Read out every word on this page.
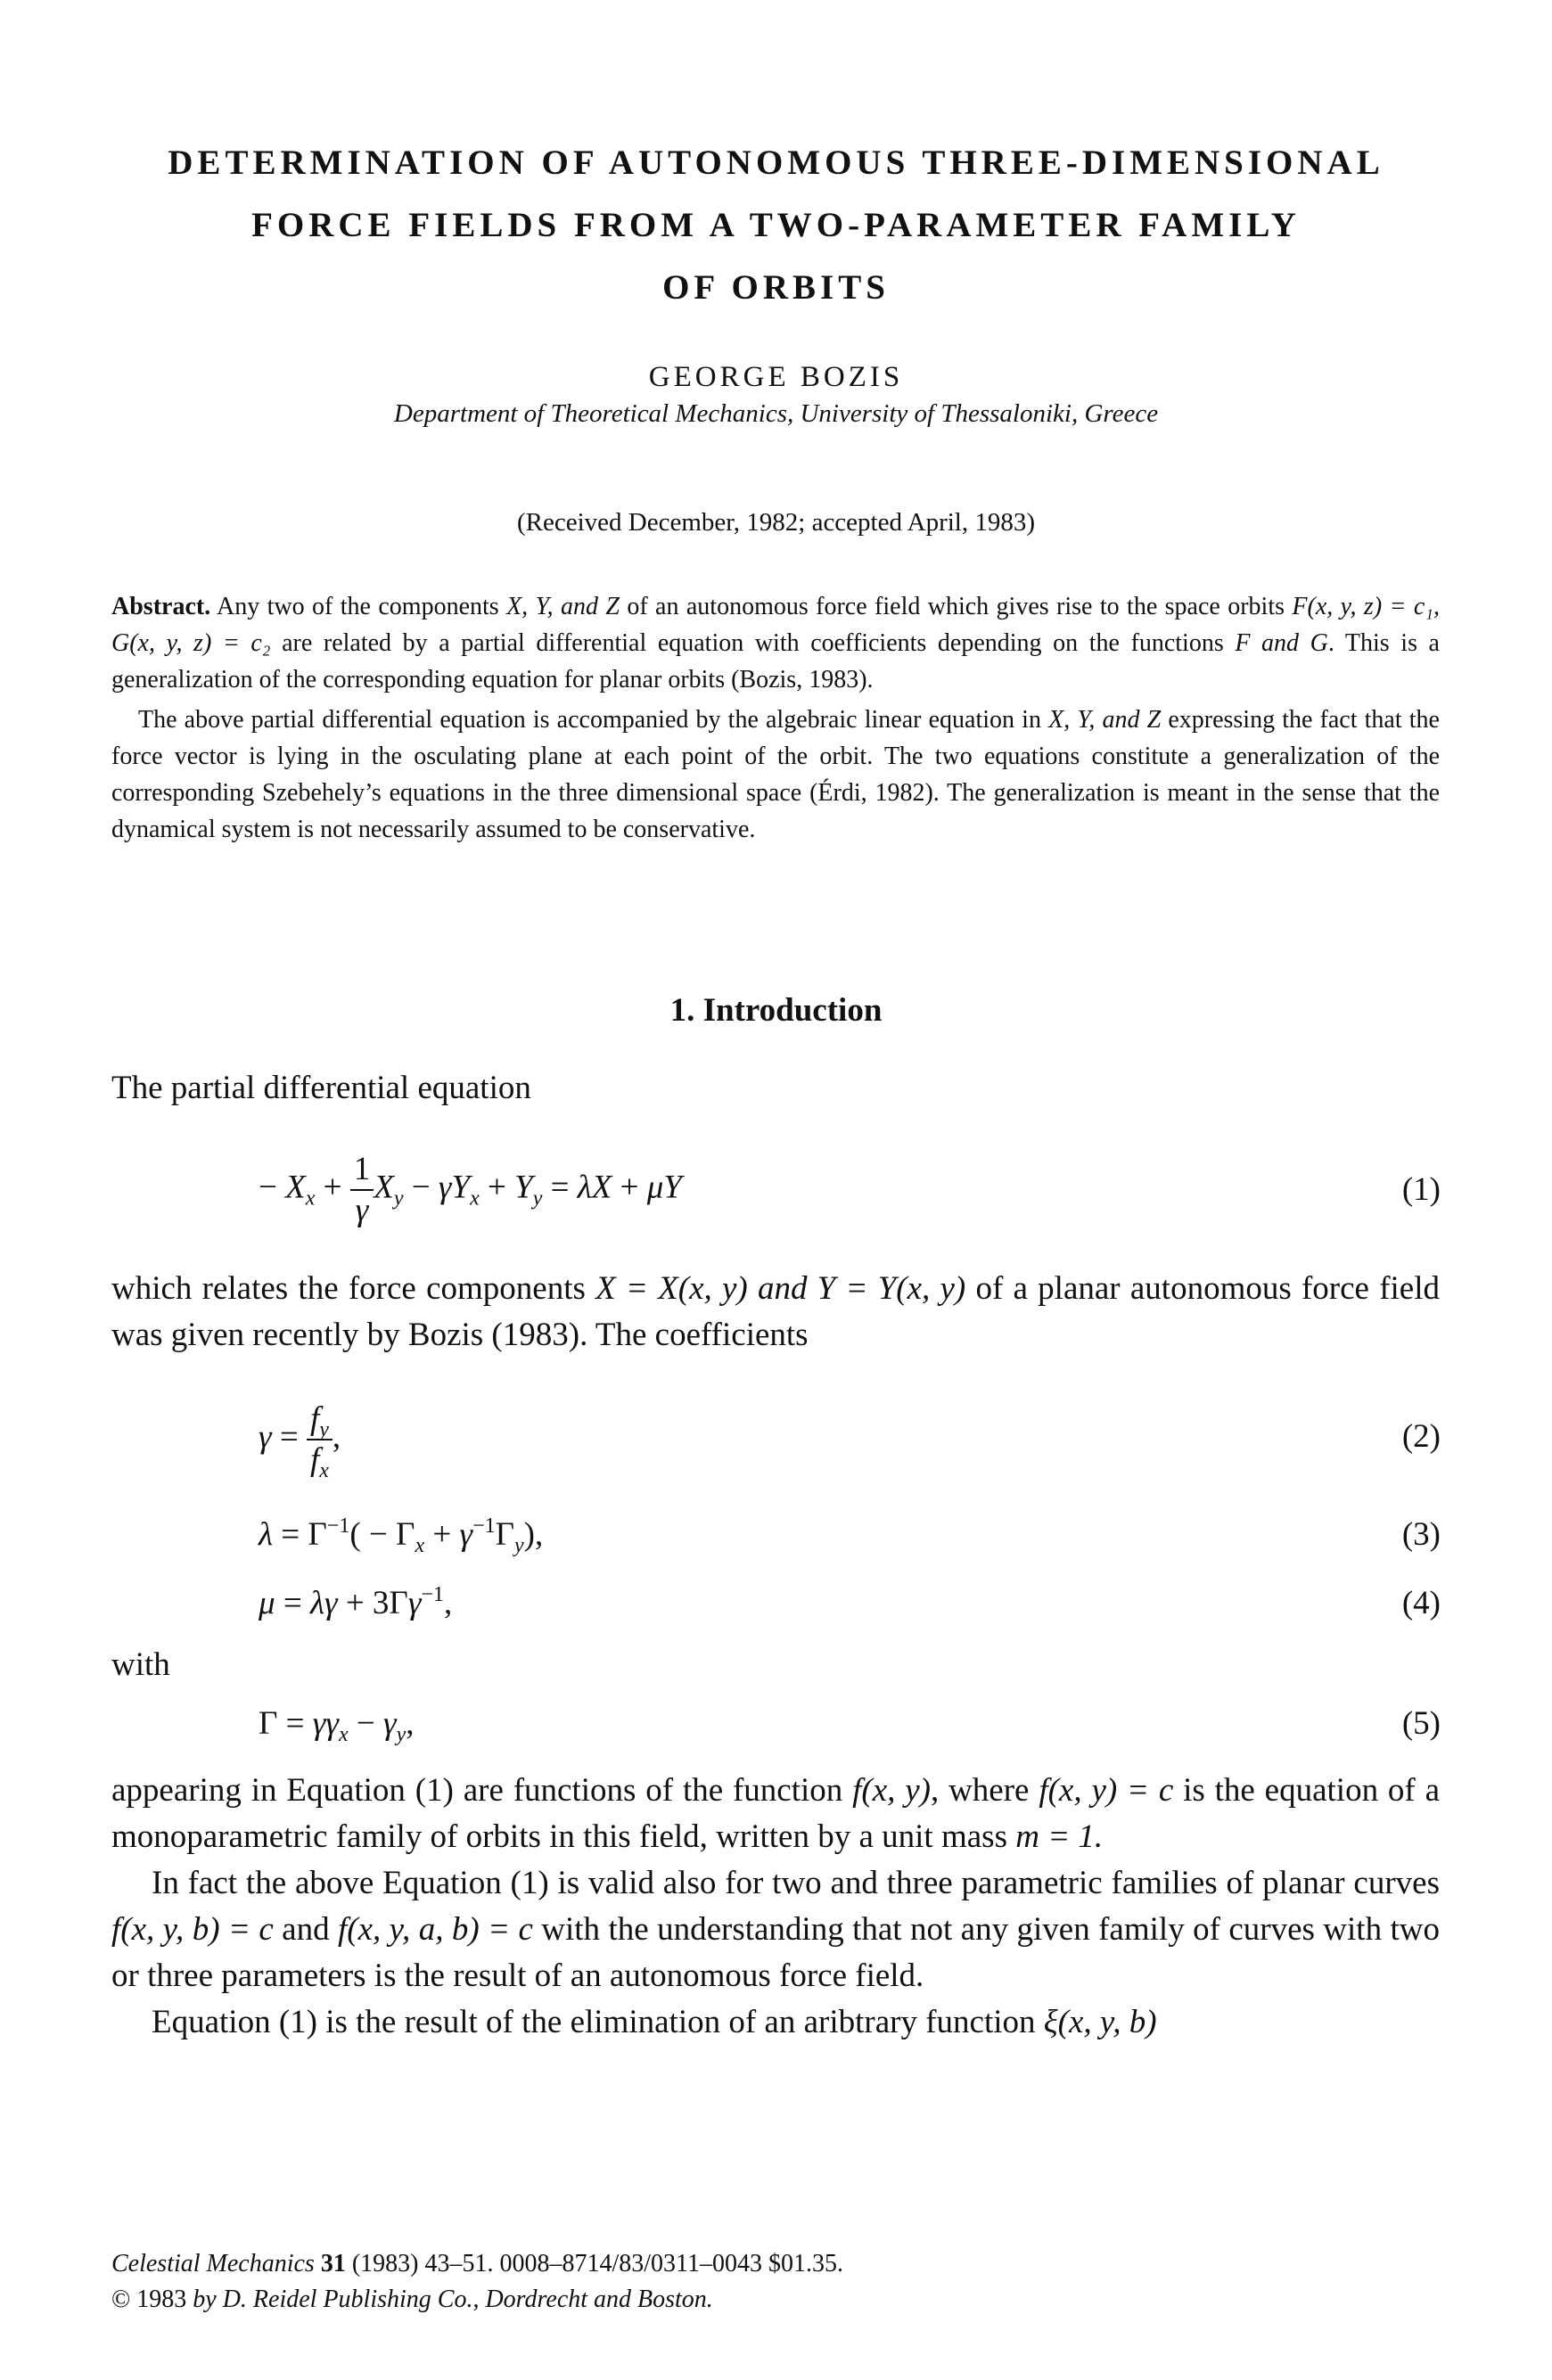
DETERMINATION OF AUTONOMOUS THREE-DIMENSIONAL
FORCE FIELDS FROM A TWO-PARAMETER FAMILY
OF ORBITS
GEORGE BOZIS
Department of Theoretical Mechanics, University of Thessaloniki, Greece
(Received December, 1982; accepted April, 1983)

Abstract. Any two of the components X, Y, and Z of an autonomous force field which gives rise to the space orbits F(x, y, z) = c₁, G(x, y, z) = c₂ are related by a partial differential equation with coefficients depending on the functions F and G. This is a generalization of the corresponding equation for planar orbits (Bozis, 1983).

The above partial differential equation is accompanied by the algebraic linear equation in X, Y, and Z expressing the fact that the force vector is lying in the osculating plane at each point of the orbit. The two equations constitute a generalization of the corresponding Szebehely’s equations in the three dimensional space (Érdi, 1982). The generalization is meant in the sense that the dynamical system is not necessarily assumed to be conservative.

1. Introduction
The partial differential equation
− $X_x + \frac{1}{\gamma} X_y - \gamma Y_x + Y_y = \lambda X + \mu Y$	(1)

which relates the force components X = X(x, y) and Y = Y(x, y) of a planar autonomous force field was given recently by Bozis (1983). The coefficients

$\gamma = \frac{f_y}{f_x}$ ,	(2)
$\lambda = \Gamma^{-1}( - \Gamma_x + \gamma^{-1}\Gamma_y)$,	(3)
$\mu = \lambda\gamma + 3\Gamma\gamma^{-1}$,	(4)
with
$\Gamma = \gamma\gamma_x - \gamma_y$,	(5)

appearing in Equation (1) are functions of the function f(x, y), where f(x, y) = c is the equation of a monoparametric family of orbits in this field, written by a unit mass m = 1.

In fact the above Equation (1) is valid also for two and three parametric families of planar curves f(x, y, b) = c and f(x, y, a, b) = c with the understanding that not any given family of curves with two or three parameters is the result of an autonomous force field.

Equation (1) is the result of the elimination of an aribtrary function ξ(x, y, b)

Celestial Mechanics 31 (1983) 43–51. 0008–8714/83/0311–0043 $01.35.
© 1983 by D. Reidel Publishing Co., Dordrecht and Boston.
